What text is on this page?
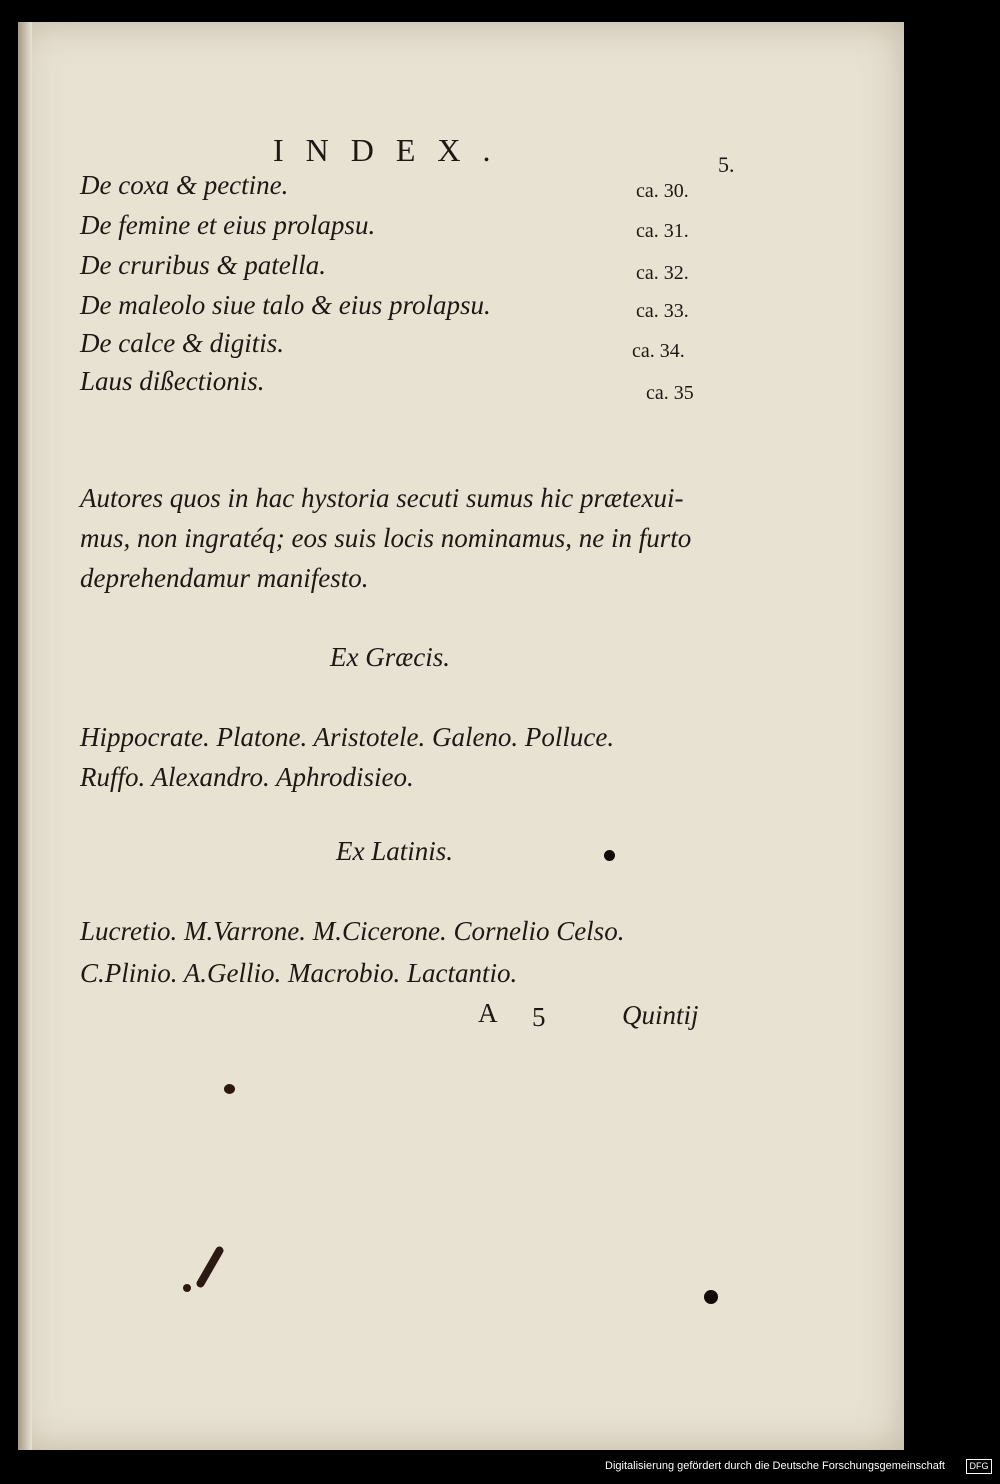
INDEX.	5.
De coxa & pectine.	ca. 30.
De femine et eius prolapsu.	ca. 31.
De cruribus & patella.	ca. 32.
De maleolo siue talo & eius prolapsu.	ca. 33.
De calce & digitis.	ca. 34.
Laus dißectionis.	ca. 35
Autores quos in hac hystoria secuti sumus hic prætexui-
mus, non ingratéq; eos suis locis nominamus, ne in furto
deprehendamur manifesto.
Ex Græcis.
Hippocrate. Platone. Aristotele. Galeno. Polluce.
Ruffo. Alexandro. Aphrodisieo.
Ex Latinis.
Lucretio. M.Varrone. M.Cicerone. Cornelio Celso.
C.Plinio. A.Gellio. Macrobio. Lactantio.
A 5	Quintij
Digitalisierung gefördert durch die Deutsche Forschungsgemeinschaft	DFG
